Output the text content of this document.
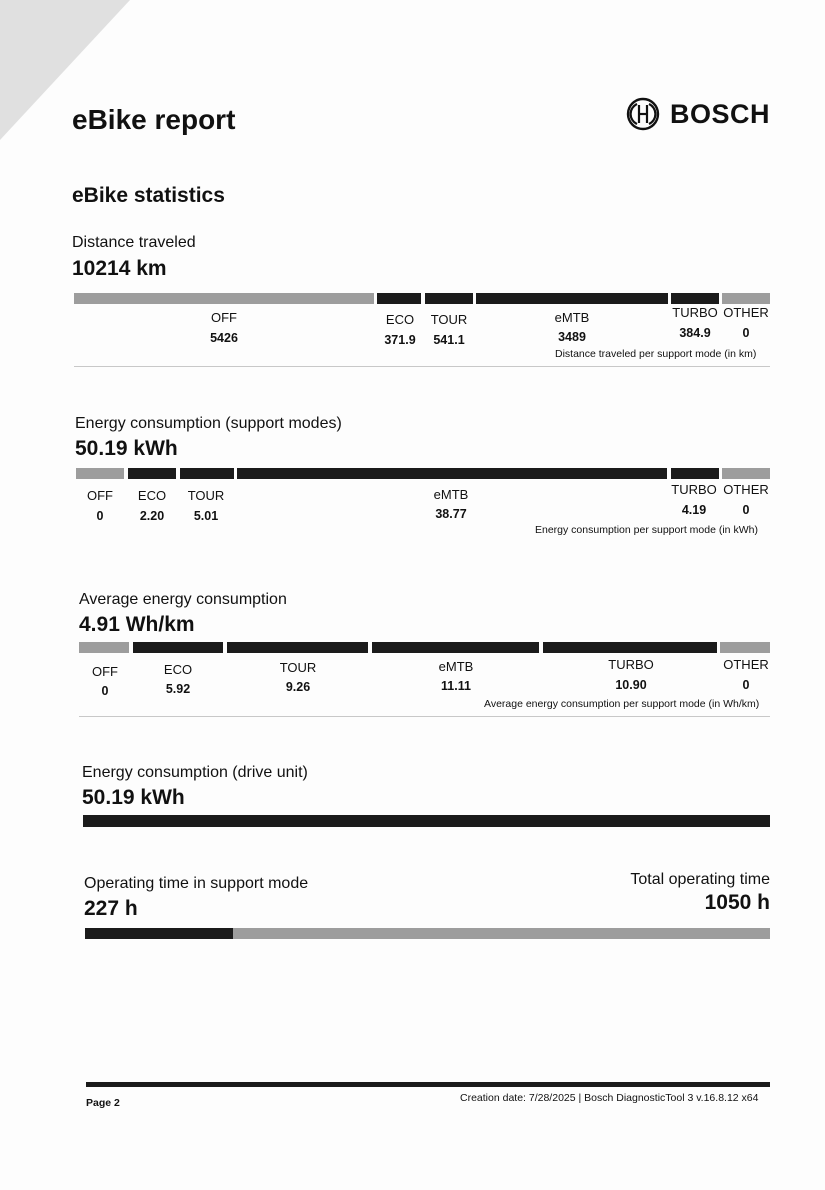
eBike report	BOSCH
eBike statistics
Distance traveled
10214 km
OFF
5426
ECO
371.9
TOUR
541.1
eMTB
3489
TURBO
384.9
OTHER
0
Distance traveled per support mode (in km)
Energy consumption (support modes)
50.19 kWh
OFF
0
ECO
2.20
TOUR
5.01
eMTB
38.77
TURBO
4.19
OTHER
0
Energy consumption per support mode (in kWh)
Average energy consumption
4.91 Wh/km
OFF
0
ECO
5.92
TOUR
9.26
eMTB
11.11
TURBO
10.90
OTHER
0
Average energy consumption per support mode (in Wh/km)
Energy consumption (drive unit)
50.19 kWh
Operating time in support mode
227 h
Total operating time
1050 h
Page 2	Creation date: 7/28/2025 | Bosch DiagnosticTool 3 v.16.8.12 x64
